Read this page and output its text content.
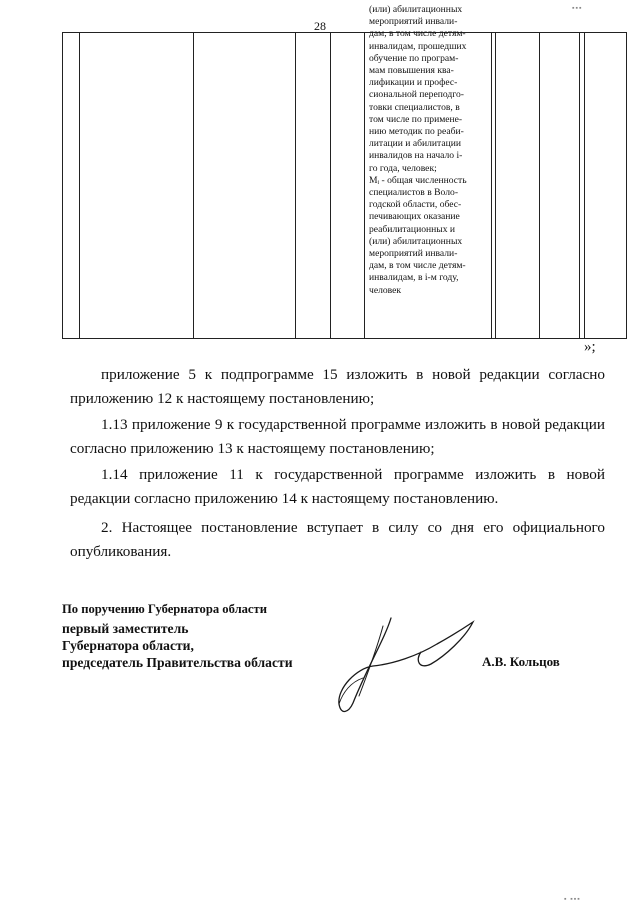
28
(или) абилитационных
мероприятий инвали-
дам, в том числе детям-
инвалидам, прошедших
обучение по програм-
мам повышения ква-
лификации и профес-
сиональной переподго-
товки специалистов, в
том числе по примене-
нию методик по реаби-
литации и абилитации
инвалидов на начало i-
го года, человек;
Mᵢ - общая численность
специалистов в Воло-
годской области, обес-
печивающих оказание
реабилитационных и
(или) абилитационных
мероприятий инвали-
дам, в том числе детям-
инвалидам, в i-м году,
человек
»;

приложение 5 к подпрограмме 15 изложить в новой редакции согласно приложению 12 к настоящему постановлению;

1.13 приложение 9 к государственной программе изложить в новой редакции согласно приложению 13 к настоящему постановлению;

1.14 приложение 11 к государственной программе изложить в новой редакции согласно приложению 14 к настоящему постановлению.

2. Настоящее постановление вступает в силу со дня его официального опубликования.

По поручению Губернатора области
первый заместитель
Губернатора области,
председатель Правительства области	А.В. Кольцов
▪▪▪
▪ ▪▪▪
